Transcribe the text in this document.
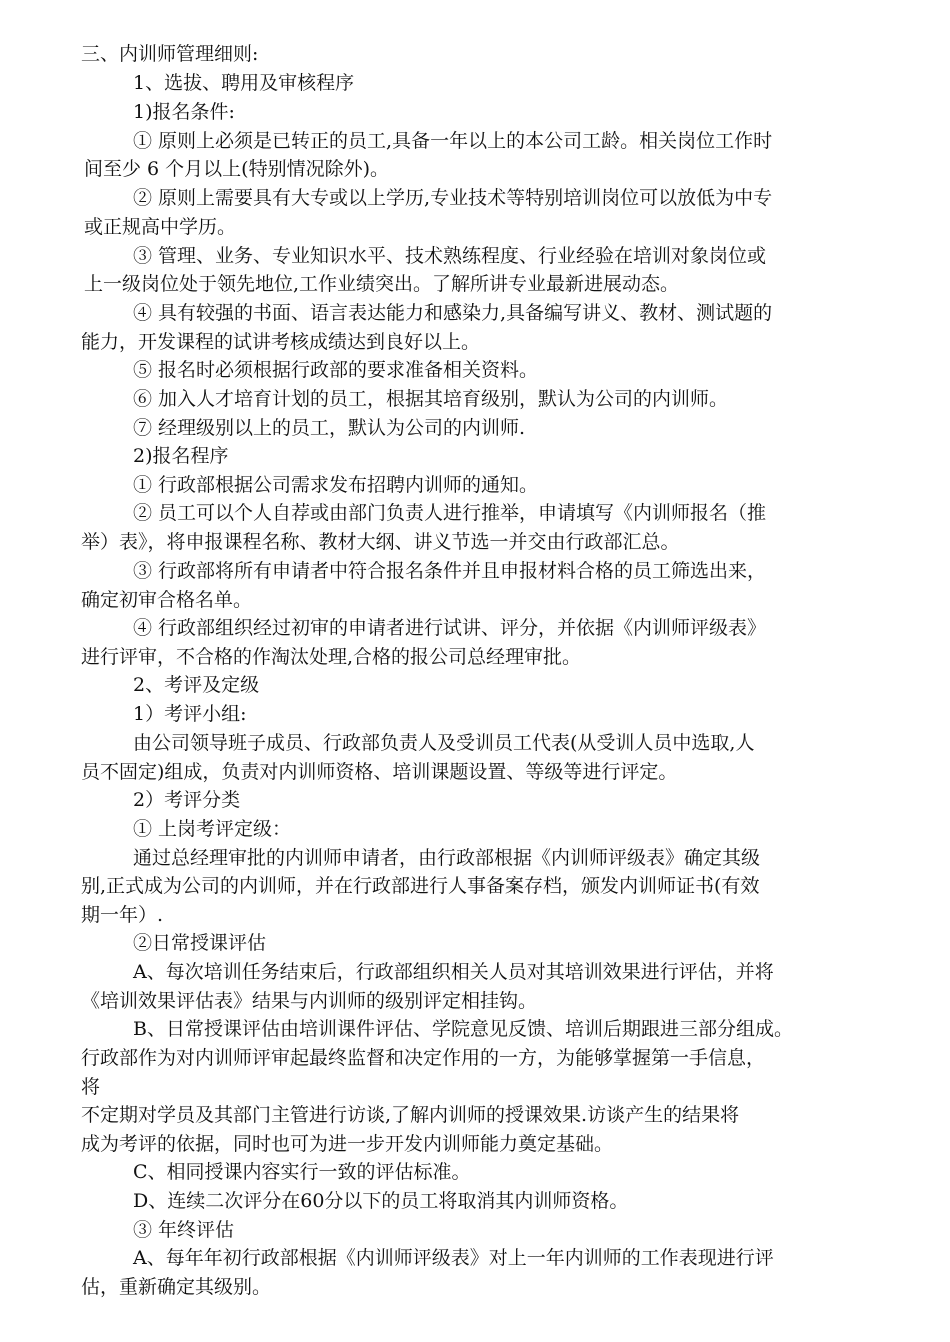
三、内训师管理细则:
1、选拔、聘用及审核程序
1)报名条件:
① 原则上必须是已转正的员工,具备一年以上的本公司工龄。相关岗位工作时
间至少 6 个月以上(特别情况除外)。
② 原则上需要具有大专或以上学历,专业技术等特别培训岗位可以放低为中专
或正规高中学历。
③ 管理、业务、专业知识水平、技术熟练程度、行业经验在培训对象岗位或
上一级岗位处于领先地位,工作业绩突出。了解所讲专业最新进展动态。
④ 具有较强的书面、语言表达能力和感染力,具备编写讲义、教材、测试题的
能力，开发课程的试讲考核成绩达到良好以上。
⑤ 报名时必须根据行政部的要求准备相关资料。
⑥ 加入人才培育计划的员工，根据其培育级别，默认为公司的内训师。
⑦ 经理级别以上的员工，默认为公司的内训师.
2)报名程序
① 行政部根据公司需求发布招聘内训师的通知。
② 员工可以个人自荐或由部门负责人进行推举，申请填写《内训师报名（推
举）表》，将申报课程名称、教材大纲、讲义节选一并交由行政部汇总。
③ 行政部将所有申请者中符合报名条件并且申报材料合格的员工筛选出来，
确定初审合格名单。
④ 行政部组织经过初审的申请者进行试讲、评分，并依据《内训师评级表》
进行评审，不合格的作淘汰处理,合格的报公司总经理审批。
2、考评及定级
1）考评小组:
由公司领导班子成员、行政部负责人及受训员工代表(从受训人员中选取,人
员不固定)组成，负责对内训师资格、培训课题设置、等级等进行评定。
2）考评分类
① 上岗考评定级：
通过总经理审批的内训师申请者，由行政部根据《内训师评级表》确定其级
别,正式成为公司的内训师，并在行政部进行人事备案存档，颁发内训师证书(有效
期一年）.
②日常授课评估
A、每次培训任务结束后，行政部组织相关人员对其培训效果进行评估，并将
《培训效果评估表》结果与内训师的级别评定相挂钩。
B、日常授课评估由培训课件评估、学院意见反馈、培训后期跟进三部分组成。
行政部作为对内训师评审起最终监督和决定作用的一方，为能够掌握第一手信息，
将
不定期对学员及其部门主管进行访谈,了解内训师的授课效果.访谈产生的结果将
成为考评的依据，同时也可为进一步开发内训师能力奠定基础。
C、相同授课内容实行一致的评估标准。
D、连续二次评分在60分以下的员工将取消其内训师资格。
③ 年终评估
A、每年年初行政部根据《内训师评级表》对上一年内训师的工作表现进行评
估，重新确定其级别。
